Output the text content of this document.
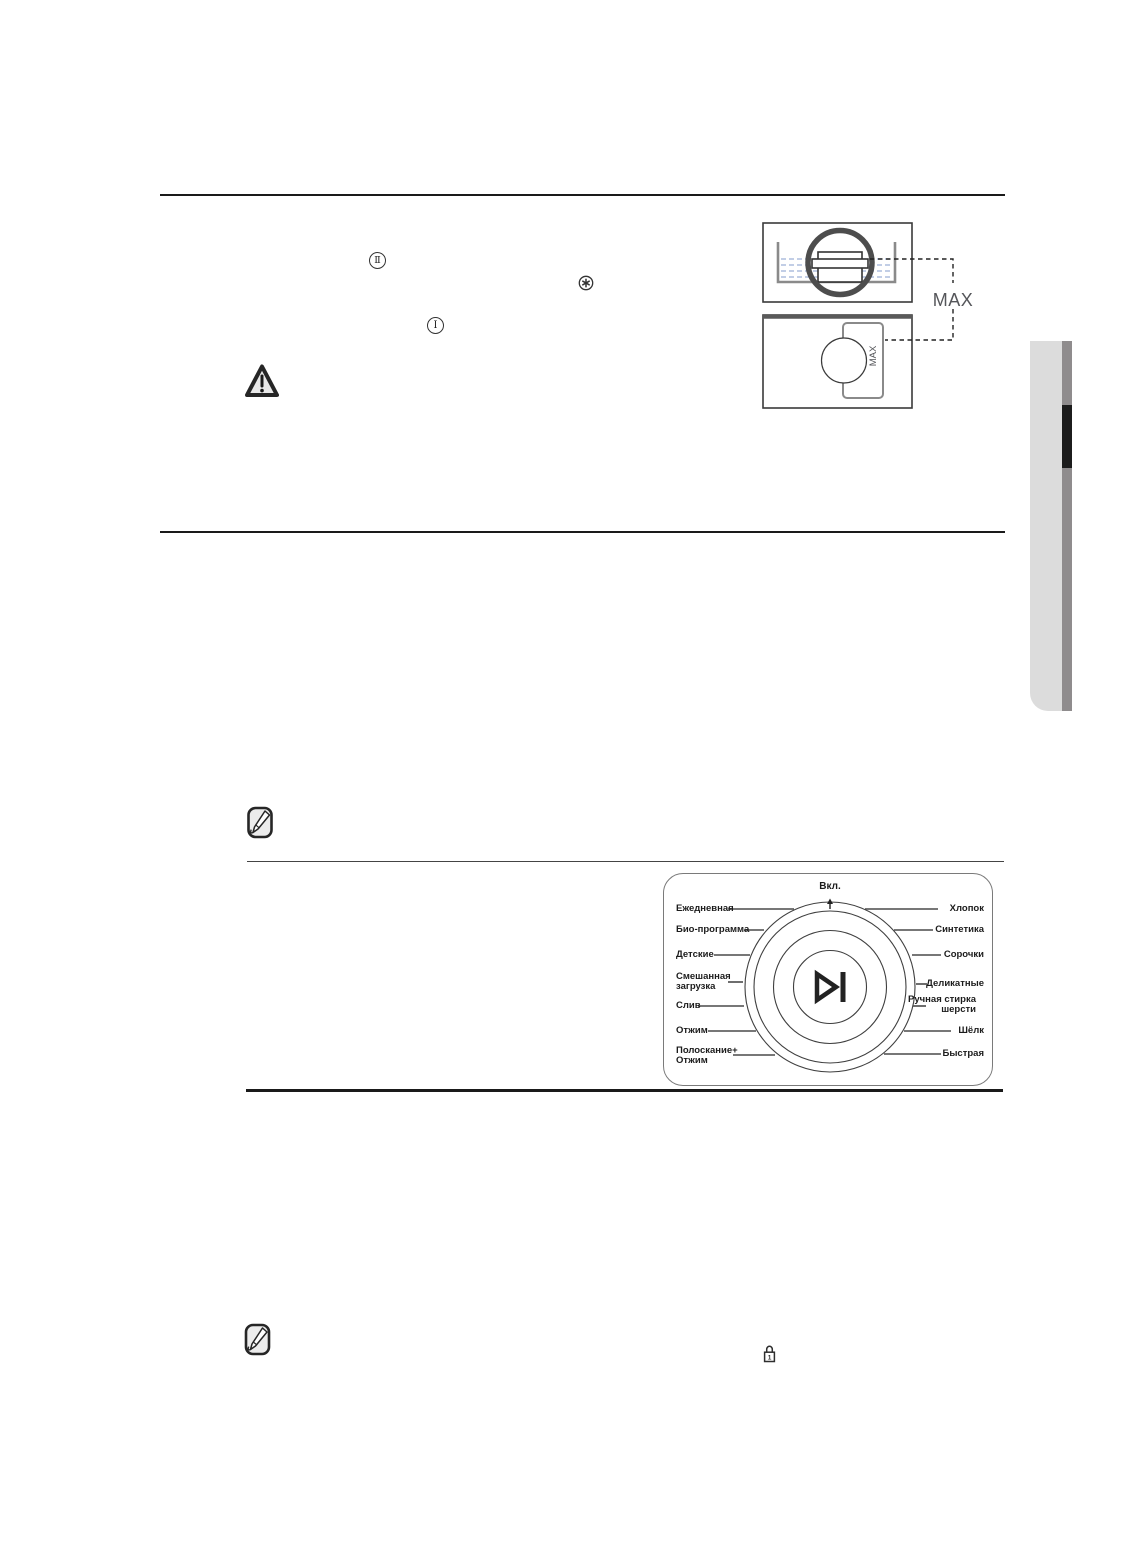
Ⅱ
Ⅰ
MAX
MAX
Вкл.
Ежедневная
Био-программа
Детские
Смешанная
загрузка
Слив
Отжим
Полоскание+
Отжим
Хлопок
Синтетика
Сорочки
Деликатные
Ручная стирка
шерсти
Шёлк
Быстрая
1
